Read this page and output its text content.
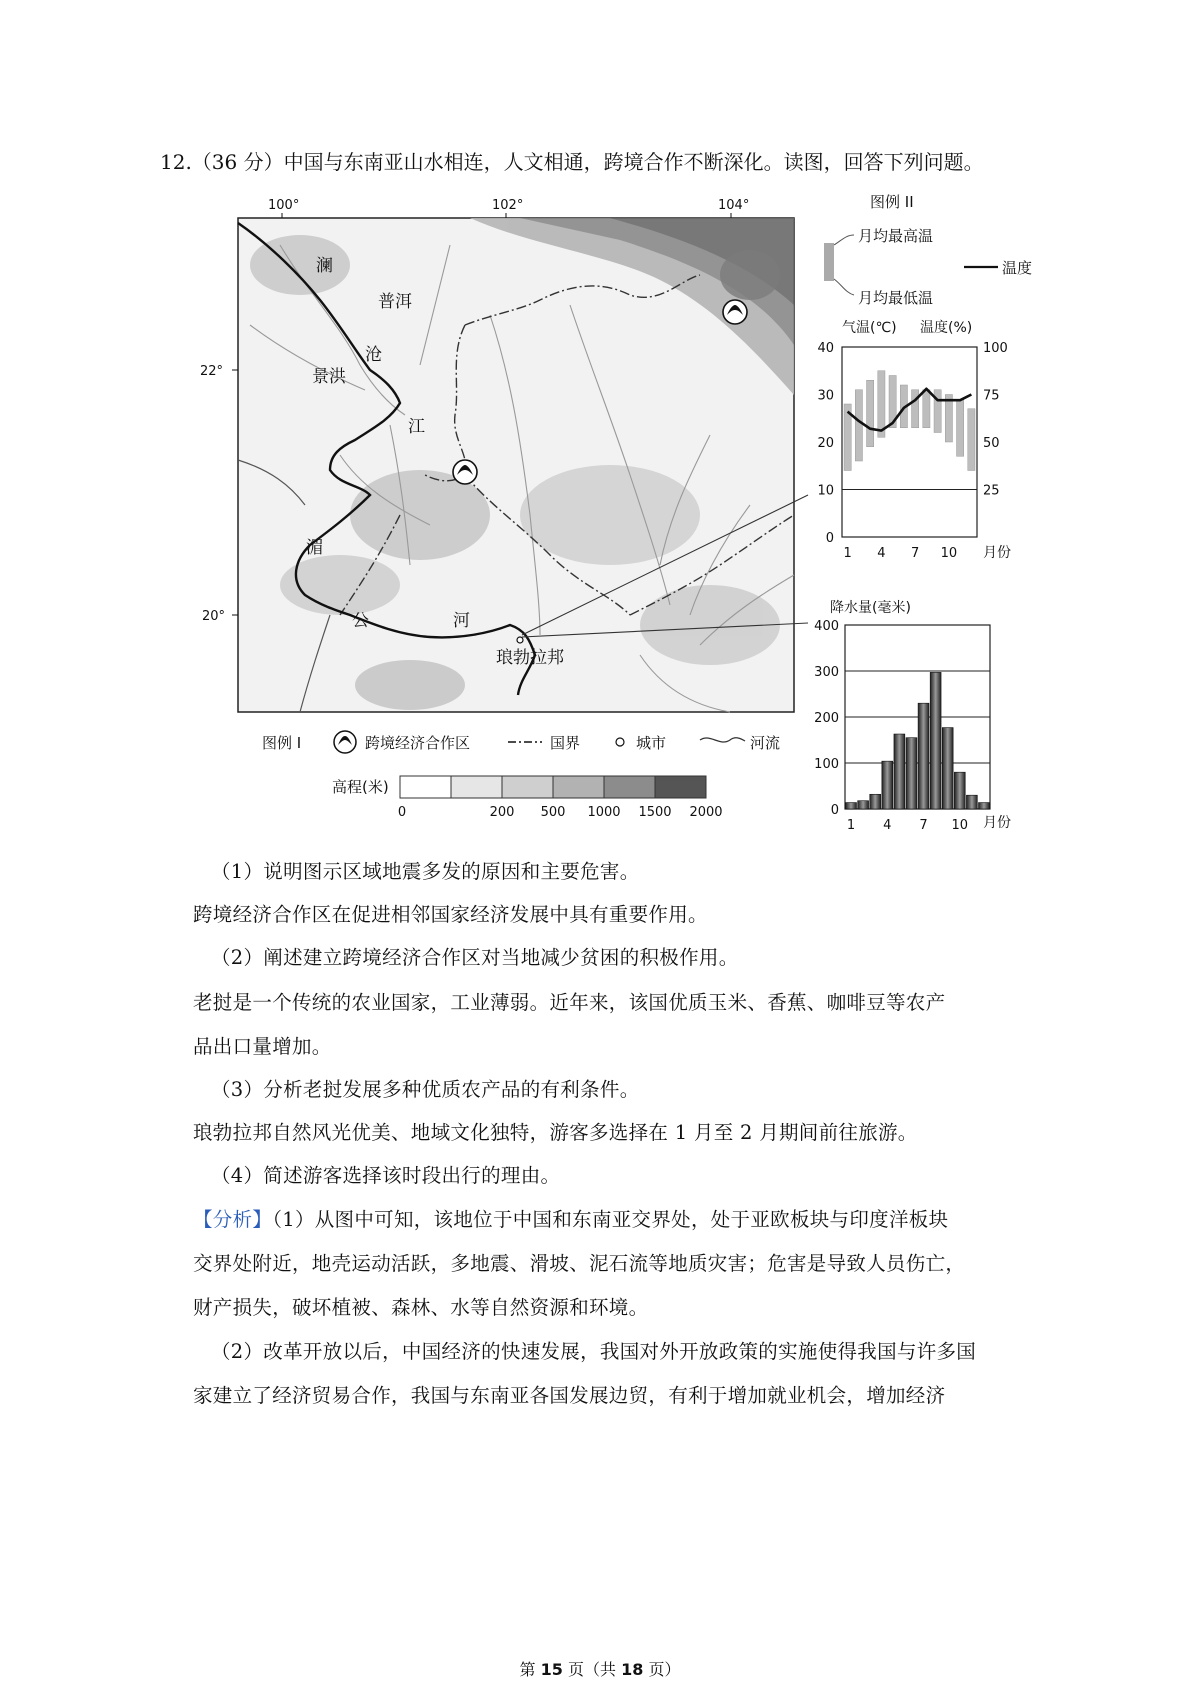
12.（36 分）中国与东南亚山水相连，人文相通，跨境合作不断深化。读图，回答下列问题。
澜
普洱
沧
景洪
江
湄
公	河
琅勃拉邦
100°	102°	104°
22°
20°
图例 I	跨境经济合作区	国界	城市	河流
高程(米)
0	200 500 1000 1500 2000
图例 II
月均最高温
月均最低温
温度
气温(℃) 温度(%)
月份
0
10
20
30
40
25
50
75
100
1 4 7 10
降水量(毫米)
月份
0
100
200
300
400
1 4 7 10
（1）说明图示区域地震多发的原因和主要危害。
跨境经济合作区在促进相邻国家经济发展中具有重要作用。
（2）阐述建立跨境经济合作区对当地减少贫困的积极作用。
老挝是一个传统的农业国家，工业薄弱。近年来，该国优质玉米、香蕉、咖啡豆等农产
品出口量增加。
（3）分析老挝发展多种优质农产品的有利条件。
琅勃拉邦自然风光优美、地域文化独特，游客多选择在 1 月至 2 月期间前往旅游。
（4）简述游客选择该时段出行的理由。
【分析】（1）从图中可知，该地位于中国和东南亚交界处，处于亚欧板块与印度洋板块
交界处附近，地壳运动活跃，多地震、滑坡、泥石流等地质灾害；危害是导致人员伤亡，
财产损失，破坏植被、森林、水等自然资源和环境。
（2）改革开放以后，中国经济的快速发展，我国对外开放政策的实施使得我国与许多国
家建立了经济贸易合作，我国与东南亚各国发展边贸，有利于增加就业机会，增加经济
第 15 页（共 18 页）
